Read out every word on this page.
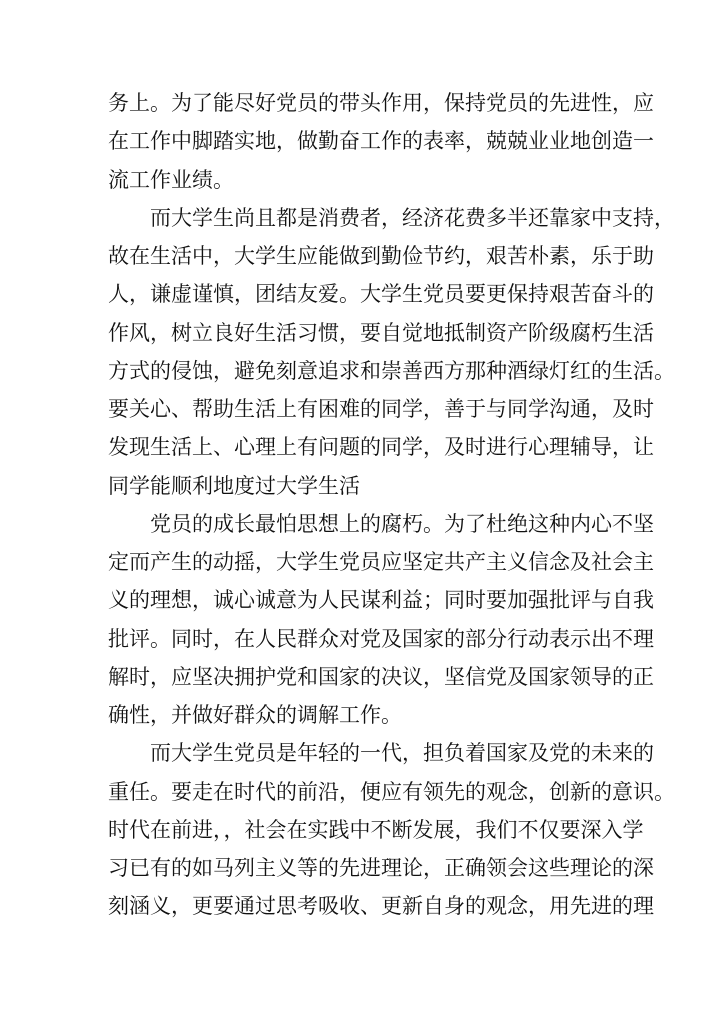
务上。为了能尽好党员的带头作用，保持党员的先进性，应
在工作中脚踏实地，做勤奋工作的表率，兢兢业业地创造一
流工作业绩。
而大学生尚且都是消费者，经济花费多半还靠家中支持，
故在生活中，大学生应能做到勤俭节约，艰苦朴素，乐于助
人，谦虚谨慎，团结友爱。大学生党员要更保持艰苦奋斗的
作风，树立良好生活习惯，要自觉地抵制资产阶级腐朽生活
方式的侵蚀，避免刻意追求和崇善西方那种酒绿灯红的生活。
要关心、帮助生活上有困难的同学，善于与同学沟通，及时
发现生活上、心理上有问题的同学，及时进行心理辅导，让
同学能顺利地度过大学生活
党员的成长最怕思想上的腐朽。为了杜绝这种内心不坚
定而产生的动摇，大学生党员应坚定共产主义信念及社会主
义的理想，诚心诚意为人民谋利益；同时要加强批评与自我
批评。同时，在人民群众对党及国家的部分行动表示出不理
解时，应坚决拥护党和国家的决议，坚信党及国家领导的正
确性，并做好群众的调解工作。
而大学生党员是年轻的一代，担负着国家及党的未来的
重任。要走在时代的前沿，便应有领先的观念，创新的意识。
时代在前进，，社会在实践中不断发展，我们不仅要深入学
习已有的如马列主义等的先进理论，正确领会这些理论的深
刻涵义，更要通过思考吸收、更新自身的观念，用先进的理
